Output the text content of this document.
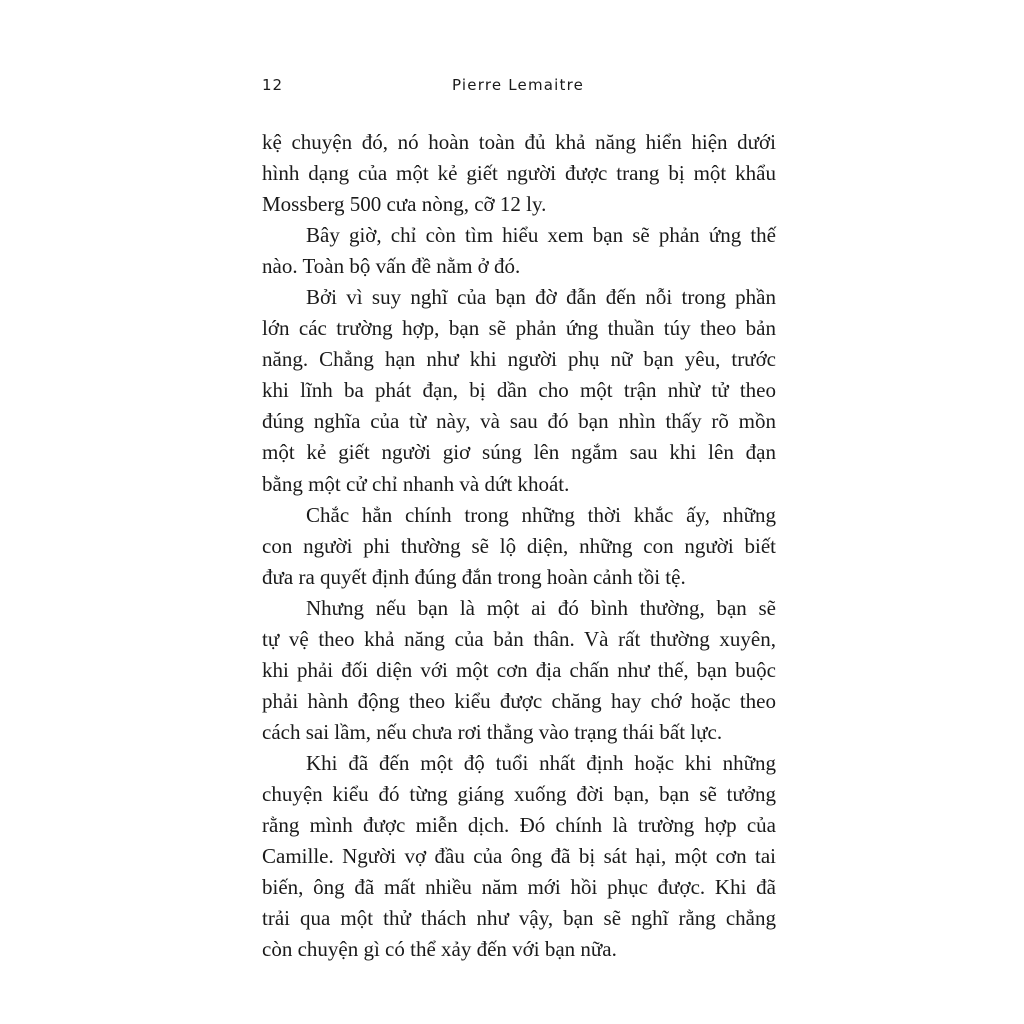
12	Pierre Lemaitre
kệ chuyện đó, nó hoàn toàn đủ khả năng hiển hiện dưới
hình dạng của một kẻ giết người được trang bị một khẩu
Mossberg 500 cưa nòng, cỡ 12 ly.
Bây giờ, chỉ còn tìm hiểu xem bạn sẽ phản ứng thế
nào. Toàn bộ vấn đề nằm ở đó.
Bởi vì suy nghĩ của bạn đờ đẫn đến nỗi trong phần
lớn các trường hợp, bạn sẽ phản ứng thuần túy theo bản
năng. Chẳng hạn như khi người phụ nữ bạn yêu, trước
khi lĩnh ba phát đạn, bị dần cho một trận nhừ tử theo
đúng nghĩa của từ này, và sau đó bạn nhìn thấy rõ mồn
một kẻ giết người giơ súng lên ngắm sau khi lên đạn
bằng một cử chỉ nhanh và dứt khoát.
Chắc hẳn chính trong những thời khắc ấy, những
con người phi thường sẽ lộ diện, những con người biết
đưa ra quyết định đúng đắn trong hoàn cảnh tồi tệ.
Nhưng nếu bạn là một ai đó bình thường, bạn sẽ
tự vệ theo khả năng của bản thân. Và rất thường xuyên,
khi phải đối diện với một cơn địa chấn như thế, bạn buộc
phải hành động theo kiểu được chăng hay chớ hoặc theo
cách sai lầm, nếu chưa rơi thẳng vào trạng thái bất lực.
Khi đã đến một độ tuổi nhất định hoặc khi những
chuyện kiểu đó từng giáng xuống đời bạn, bạn sẽ tưởng
rằng mình được miễn dịch. Đó chính là trường hợp của
Camille. Người vợ đầu của ông đã bị sát hại, một cơn tai
biến, ông đã mất nhiều năm mới hồi phục được. Khi đã
trải qua một thử thách như vậy, bạn sẽ nghĩ rằng chẳng
còn chuyện gì có thể xảy đến với bạn nữa.
